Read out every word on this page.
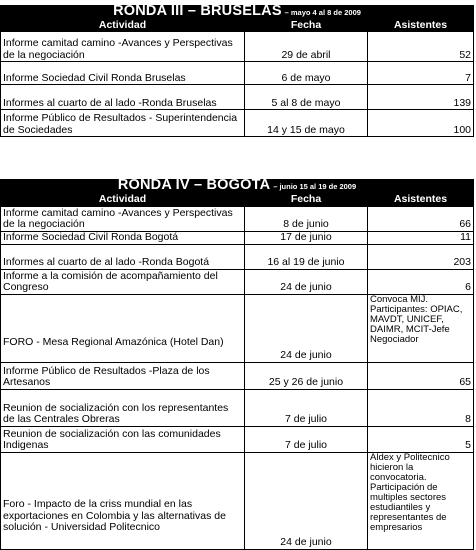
RONDA III – BRUSELAS – mayo 4 al 8 de 2009		
Actividad	Fecha	Asistentes
Informe camitad camino -Avances y Perspectivas de la negociación	29 de abril	52
Informe Sociedad Civil Ronda Bruselas	6 de mayo	7
Informes al cuarto de al lado -Ronda Bruselas	5 al 8 de mayo	139
Informe Público de Resultados - Superintendencia de Sociedades	14 y 15 de mayo	100
RONDA IV – BOGOTA – junio 15 al 19 de 2009		
Actividad	Fecha	Asistentes
Informe camitad camino -Avances y Perspectivas de la negociación	8 de junio	66
Informe Sociedad Civil Ronda Bogotá	17 de junio	11
Informes al cuarto de al lado -Ronda Bogotá	16 al 19 de junio	203
Informe a la comisión de acompañamiento del Congreso	24 de junio	6

FORO - Mesa Regional Amazónica (Hotel Dan)	24 de junio	Convoca MIJ. Participantes: OPIAC, MAVDT, UNICEF, DAIMR, MCIT-Jefe Negociador
Informe Público de Resultados -Plaza de los Artesanos	25 y 26 de junio	65
Reunion de socialización con los representantes de las Centrales Obreras	7 de julio	8
Reunion de socialización con las comunidades Indigenas	7 de julio	5

Foro - Impacto de la criss mundial en las exportaciones en Colombia y las alternativas de solución - Universidad Politecnico	24 de junio	Aldex y Politecnico hicieron la convocatoria. Participación de multiples sectores estudiantiles y representantes de empresarios
